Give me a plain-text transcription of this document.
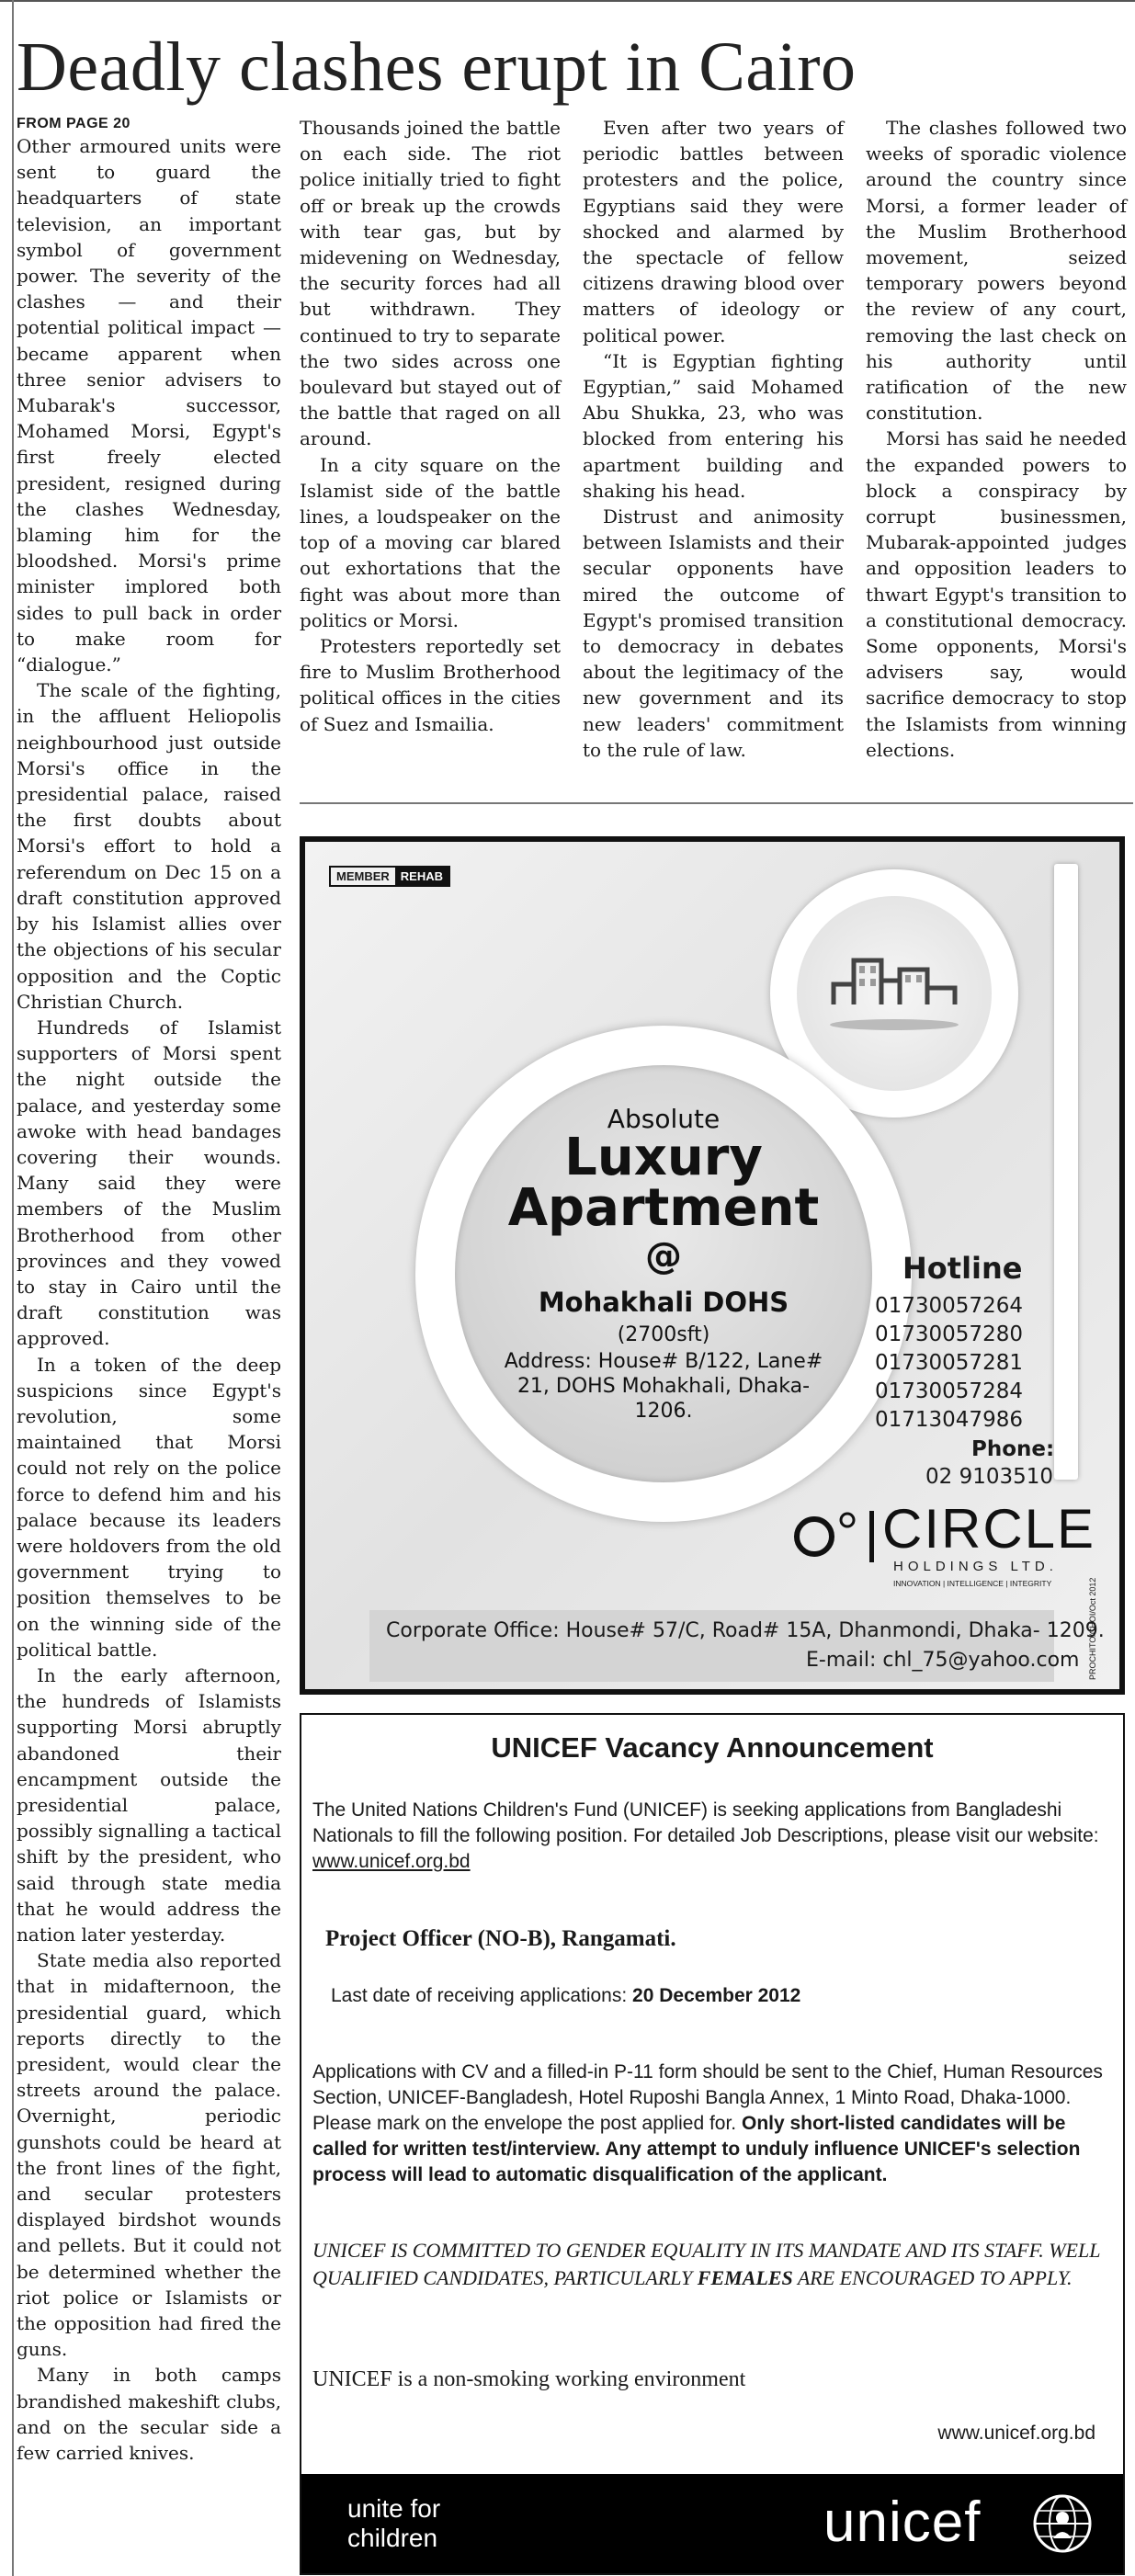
Deadly clashes erupt in Cairo
FROM PAGE 20

Other armoured units were sent to guard the headquarters of state television, an important symbol of government power. The severity of the clashes — and their potential political impact — became apparent when three senior advisers to Mubarak's successor, Mohamed Morsi, Egypt's first freely elected president, resigned during the clashes Wednesday, blaming him for the bloodshed. Morsi's prime minister implored both sides to pull back in order to make room for “dialogue.”

The scale of the fighting, in the affluent Heliopolis neighbourhood just outside Morsi's office in the presidential palace, raised the first doubts about Morsi's effort to hold a referendum on Dec 15 on a draft constitution approved by his Islamist allies over the objections of his secular opposition and the Coptic Christian Church.

Hundreds of Islamist supporters of Morsi spent the night outside the palace, and yesterday some awoke with head bandages covering their wounds. Many said they were members of the Muslim Brotherhood from other provinces and they vowed to stay in Cairo until the draft constitution was approved.

In a token of the deep suspicions since Egypt's revolution, some maintained that Morsi could not rely on the police force to defend him and his palace because its leaders were holdovers from the old government trying to position themselves to be on the winning side of the political battle.

In the early afternoon, the hundreds of Islamists supporting Morsi abruptly abandoned their encampment outside the presidential palace, possibly signalling a tactical shift by the president, who said through state media that he would address the nation later yesterday.

State media also reported that in midafternoon, the presidential guard, which reports directly to the president, would clear the streets around the palace. Overnight, periodic gunshots could be heard at the front lines of the fight, and secular protesters displayed birdshot wounds and pellets. But it could not be determined whether the riot police or Islamists or the opposition had fired the guns.

Many in both camps brandished makeshift clubs, and on the secular side a few carried knives.

Thousands joined the battle on each side. The riot police initially tried to fight off or break up the crowds with tear gas, but by midevening on Wednesday, the security forces had all but withdrawn. They continued to try to separate the two sides across one boulevard but stayed out of the battle that raged on all around.

In a city square on the Islamist side of the battle lines, a loudspeaker on the top of a moving car blared out exhortations that the fight was about more than politics or Morsi.

Protesters reportedly set fire to Muslim Brotherhood political offices in the cities of Suez and Ismailia.

Even after two years of periodic battles between protesters and the police, Egyptians said they were shocked and alarmed by the spectacle of fellow citizens drawing blood over matters of ideology or political power.

“It is Egyptian fighting Egyptian,” said Mohamed Abu Shukka, 23, who was blocked from entering his apartment building and shaking his head.

Distrust and animosity between Islamists and their secular opponents have mired the outcome of Egypt's promised transition to democracy in debates about the legitimacy of the new government and its new leaders' commitment to the rule of law.

The clashes followed two weeks of sporadic violence around the country since Morsi, a former leader of the Muslim Brotherhood movement, seized temporary powers beyond the review of any court, removing the last check on his authority until ratification of the new constitution.

Morsi has said he needed the expanded powers to block a conspiracy by corrupt businessmen, Mubarak-appointed judges and opposition leaders to thwart Egypt's transition to a constitutional democracy. Some opponents, Morsi's advisers say, would sacrifice democracy to stop the Islamists from winning elections.

MEMBER REHAB
Absolute
Luxury
Apartment
@
Mohakhali DOHS
(2700sft)
Address: House# B/122, Lane# 21, DOHS Mohakhali, Dhaka-1206.
Hotline
01730057264
01730057280
01730057281
01730057284
01713047986
Phone:
02 9103510
CIRCLE
HOLDINGS LTD.
INNOVATION | INTELLIGENCE | INTEGRITY
Corporate Office: House# 57/C, Road# 15A, Dhanmondi, Dhaka- 1209.
E-mail: chl_75@yahoo.com PROCHITO/CHOI/Oct 2012
UNICEF Vacancy Announcement
The United Nations Children's Fund (UNICEF) is seeking applications from Bangladeshi Nationals to fill the following position. For detailed Job Descriptions, please visit our website: www.unicef.org.bd
Project Officer (NO-B), Rangamati.
Last date of receiving applications: 20 December 2012
Applications with CV and a filled-in P-11 form should be sent to the Chief, Human Resources Section, UNICEF-Bangladesh, Hotel Ruposhi Bangla Annex, 1 Minto Road, Dhaka-1000. Please mark on the envelope the post applied for. Only short-listed candidates will be called for written test/interview. Any attempt to unduly influence UNICEF's selection process will lead to automatic disqualification of the applicant.
UNICEF IS COMMITTED TO GENDER EQUALITY IN ITS MANDATE AND ITS STAFF. WELL QUALIFIED CANDIDATES, PARTICULARLY FEMALES ARE ENCOURAGED TO APPLY.
UNICEF is a non-smoking working environment
www.unicef.org.bd
unite for
children	unicef
